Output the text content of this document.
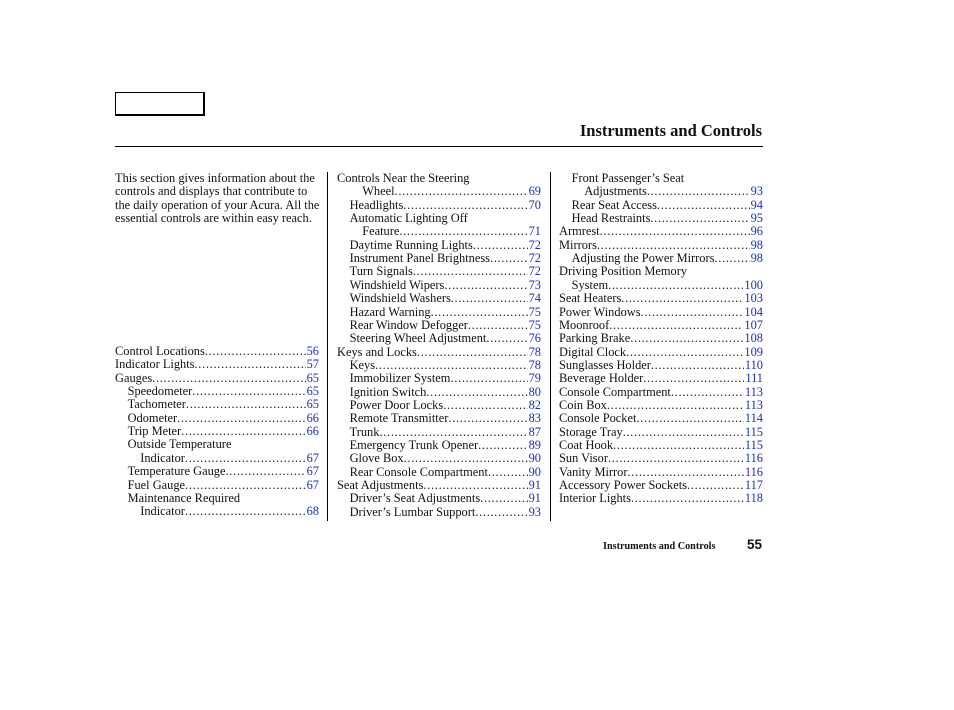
Instruments and Controls
This section gives information about the controls and displays that contribute to the daily operation of your Acura. All the essential controls are within easy reach.
Control Locations . . .	56
Indicator Lights . . .	57
Gauges . . .	65
Speedometer . . .	65
Tachometer . . .	65
Odometer . . .	66
Trip Meter . . .	66
Outside Temperature
Indicator . . .	67
Temperature Gauge . . .	67
Fuel Gauge . . .	67
Maintenance Required
Indicator . . .	68
Controls Near the Steering
Wheel . . .	69
Headlights . . .	70
Automatic Lighting Off
Feature . . .	71
Daytime Running Lights . . .	72
Instrument Panel Brightness . . .	72
Turn Signals . . .	72
Windshield Wipers . . .	73
Windshield Washers . . .	74
Hazard Warning . . .	75
Rear Window Defogger . . .	75
Steering Wheel Adjustment . . .	76
Keys and Locks . . .	78
Keys . . .	78
Immobilizer System . . .	79
Ignition Switch . . .	80
Power Door Locks . . .	82
Remote Transmitter . . .	83
Trunk . . .	87
Emergency Trunk Opener . . .	89
Glove Box . . .	90
Rear Console Compartment . . .	90
Seat Adjustments . . .	91
Driver’s Seat Adjustments . . .	91
Driver’s Lumbar Support . . .	93
Front Passenger’s Seat
Adjustments . . .	93
Rear Seat Access . . .	94
Head Restraints . . .	95
Armrest . . .	96
Mirrors . . .	98
Adjusting the Power Mirrors . . .	98
Driving Position Memory
System . . .	100
Seat Heaters . . .	103
Power Windows . . .	104
Moonroof . . .	107
Parking Brake . . .	108
Digital Clock . . .	109
Sunglasses Holder . . .	110
Beverage Holder . . .	111
Console Compartment . . .	113
Coin Box . . .	113
Console Pocket . . .	114
Storage Tray . . .	115
Coat Hook . . .	115
Sun Visor . . .	116
Vanity Mirror . . .	116
Accessory Power Sockets . . .	117
Interior Lights . . .	118
Instruments and Controls 55
